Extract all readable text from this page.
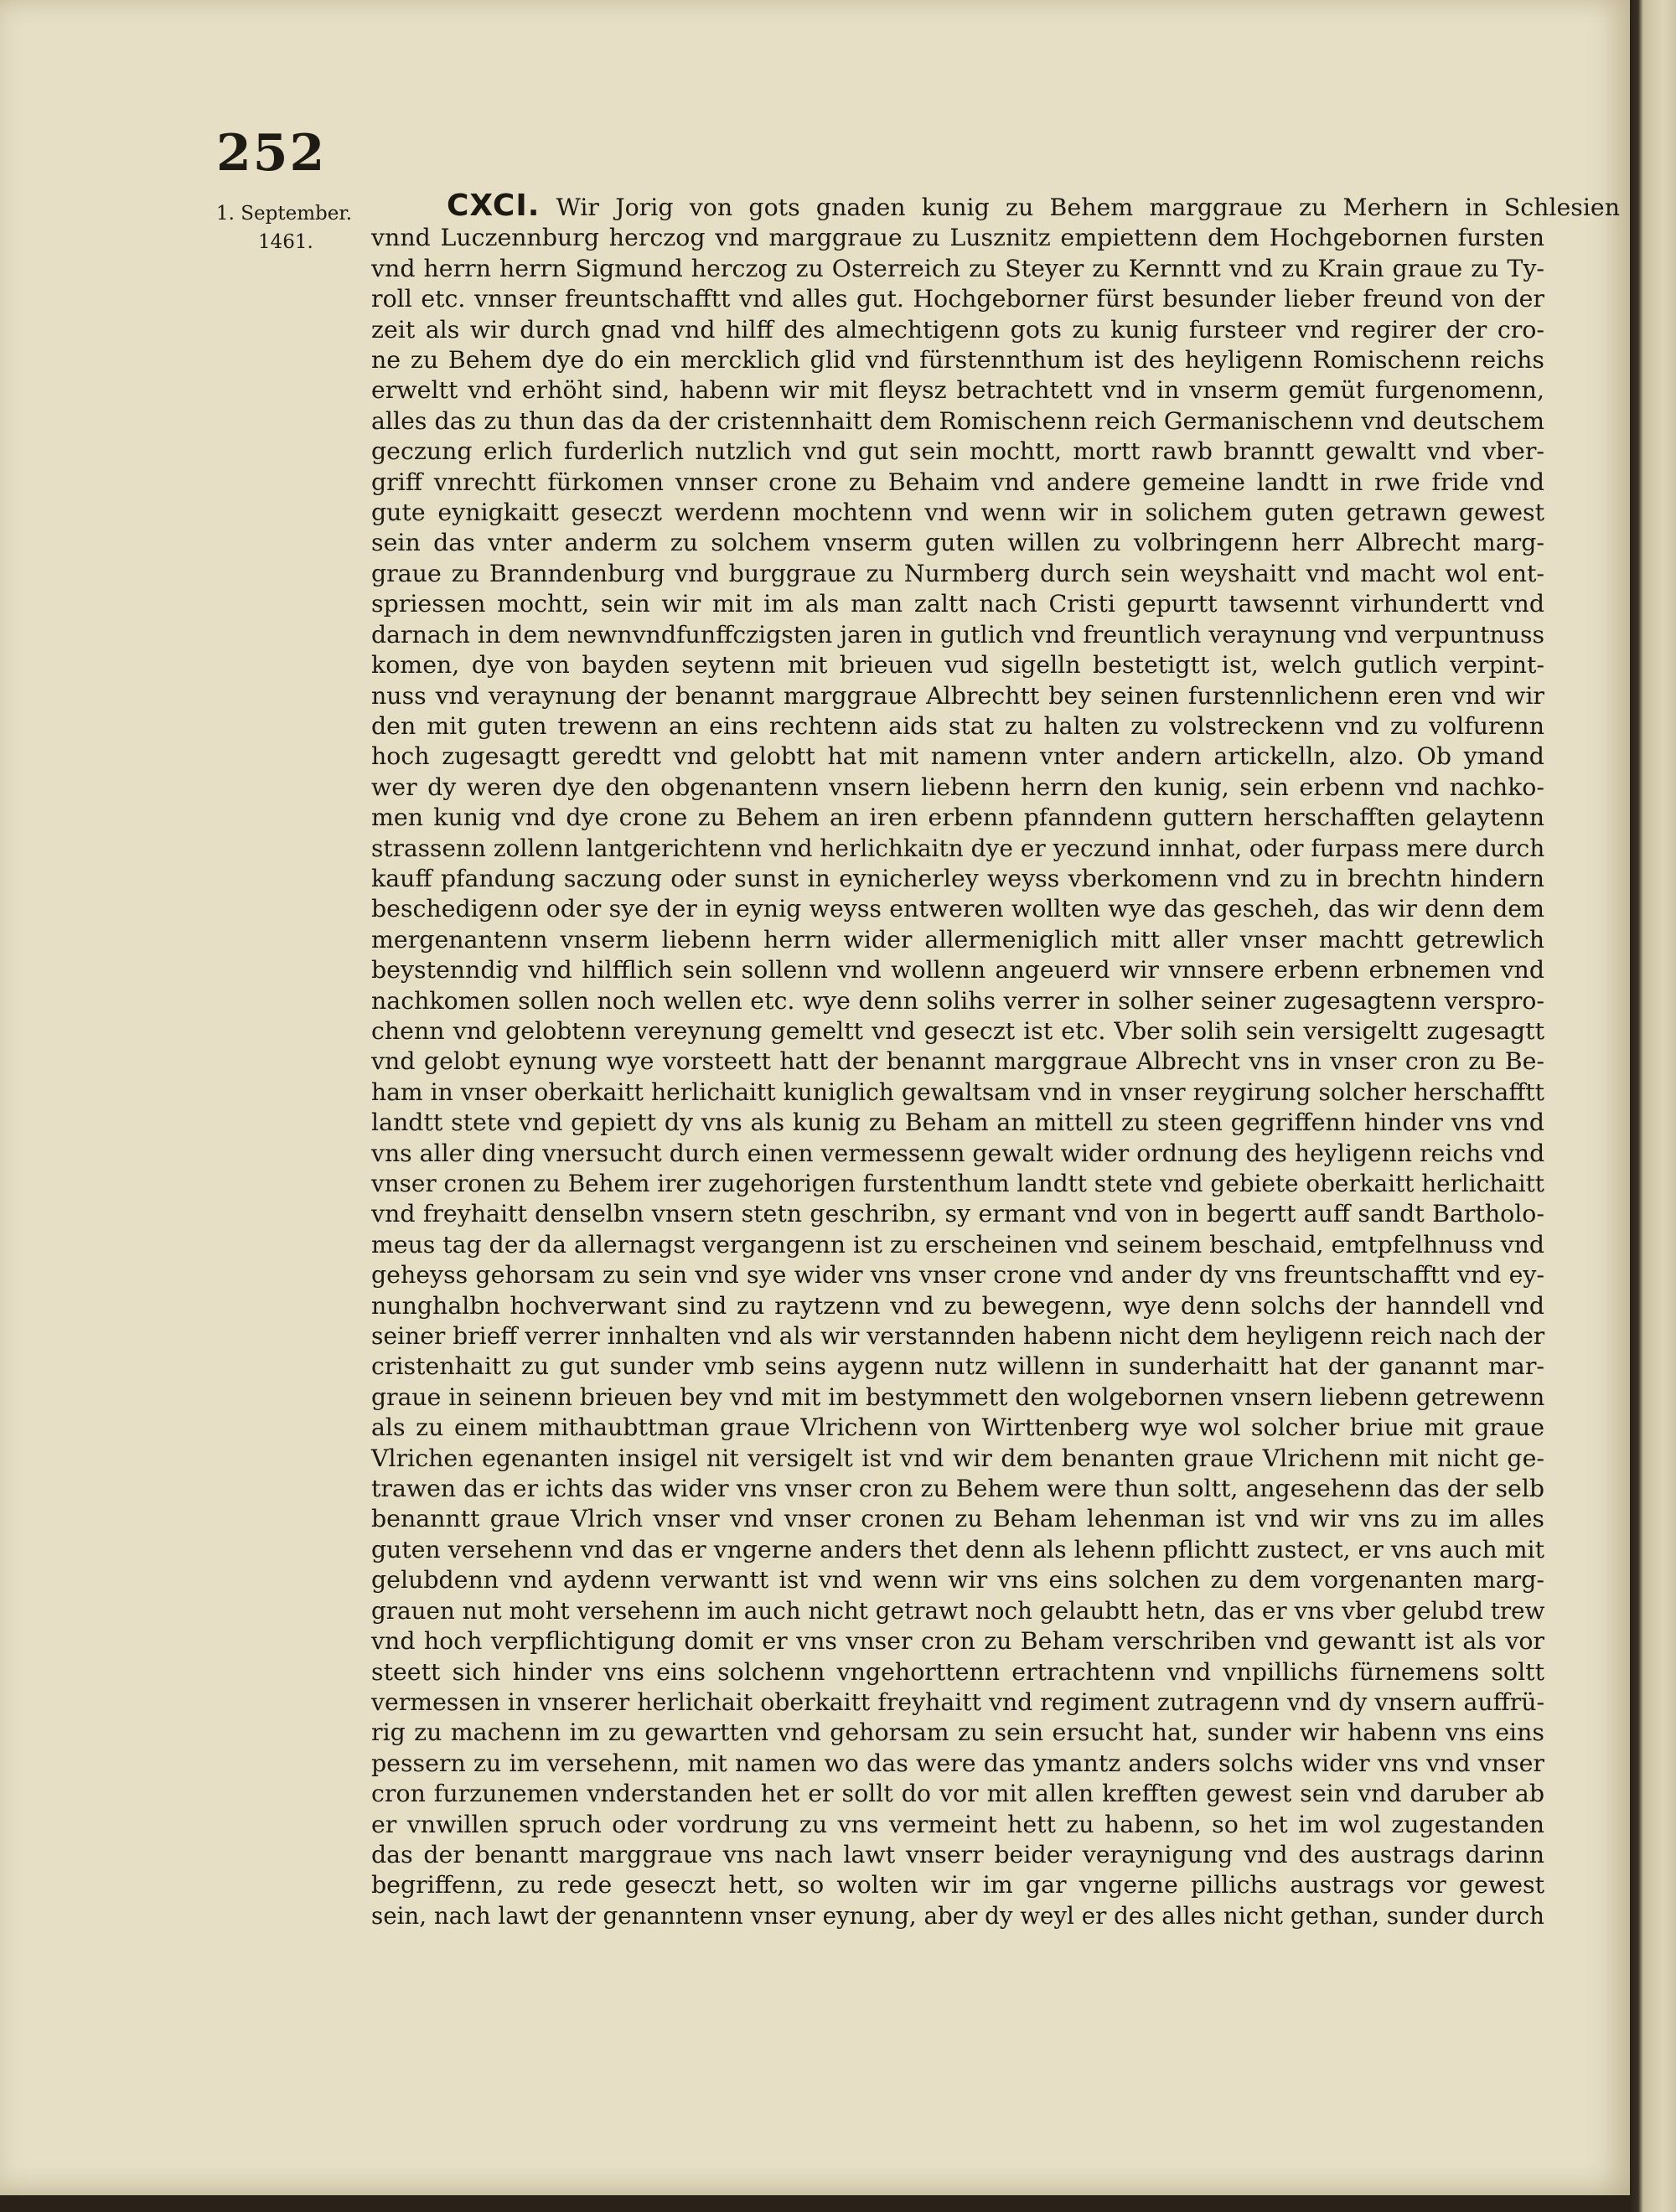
252
1. September.
1461.
CXCI. Wir Jorig von gots gnaden kunig zu Behem marggraue zu Merhern in Schlesien
vnnd Luczennburg herczog vnd marggraue zu Lusznitz empiettenn dem Hochgebornen fursten
vnd herrn herrn Sigmund herczog zu Osterreich zu Steyer zu Kernntt vnd zu Krain graue zu Ty-
roll etc. vnnser freuntschafftt vnd alles gut. Hochgeborner fürst besunder lieber freund von der
zeit als wir durch gnad vnd hilff des almechtigenn gots zu kunig fursteer vnd regirer der cro-
ne zu Behem dye do ein mercklich glid vnd fürstennthum ist des heyligenn Romischenn reichs
erweltt vnd erhöht sind, habenn wir mit fleysz betrachtett vnd in vnserm gemüt furgenomenn,
alles das zu thun das da der cristennhaitt dem Romischenn reich Germanischenn vnd deutschem
geczung erlich furderlich nutzlich vnd gut sein mochtt, mortt rawb branntt gewaltt vnd vber-
griff vnrechtt fürkomen vnnser crone zu Behaim vnd andere gemeine landtt in rwe fride vnd
gute eynigkaitt geseczt werdenn mochtenn vnd wenn wir in solichem guten getrawn gewest
sein das vnter anderm zu solchem vnserm guten willen zu volbringenn herr Albrecht marg-
graue zu Branndenburg vnd burggraue zu Nurmberg durch sein weyshaitt vnd macht wol ent-
spriessen mochtt, sein wir mit im als man zaltt nach Cristi gepurtt tawsennt virhundertt vnd
darnach in dem newnvndfunffczigsten jaren in gutlich vnd freuntlich veraynung vnd verpuntnuss
komen, dye von bayden seytenn mit brieuen vud sigelln bestetigtt ist, welch gutlich verpint-
nuss vnd veraynung der benannt marggraue Albrechtt bey seinen furstennlichenn eren vnd wir
den mit guten trewenn an eins rechtenn aids stat zu halten zu volstreckenn vnd zu volfurenn
hoch zugesagtt geredtt vnd gelobtt hat mit namenn vnter andern artickelln, alzo. Ob ymand
wer dy weren dye den obgenantenn vnsern liebenn herrn den kunig, sein erbenn vnd nachko-
men kunig vnd dye crone zu Behem an iren erbenn pfanndenn guttern herschafften gelaytenn
strassenn zollenn lantgerichtenn vnd herlichkaitn dye er yeczund innhat, oder furpass mere durch
kauff pfandung saczung oder sunst in eynicherley weyss vberkomenn vnd zu in brechtn hindern
beschedigenn oder sye der in eynig weyss entweren wollten wye das gescheh, das wir denn dem
mergenantenn vnserm liebenn herrn wider allermeniglich mitt aller vnser machtt getrewlich
beystenndig vnd hilfflich sein sollenn vnd wollenn angeuerd wir vnnsere erbenn erbnemen vnd
nachkomen sollen noch wellen etc. wye denn solihs verrer in solher seiner zugesagtenn verspro-
chenn vnd gelobtenn vereynung gemeltt vnd geseczt ist etc. Vber solih sein versigeltt zugesagtt
vnd gelobt eynung wye vorsteett hatt der benannt marggraue Albrecht vns in vnser cron zu Be-
ham in vnser oberkaitt herlichaitt kuniglich gewaltsam vnd in vnser reygirung solcher herschafftt
landtt stete vnd gepiett dy vns als kunig zu Beham an mittell zu steen gegriffenn hinder vns vnd
vns aller ding vnersucht durch einen vermessenn gewalt wider ordnung des heyligenn reichs vnd
vnser cronen zu Behem irer zugehorigen furstenthum landtt stete vnd gebiete oberkaitt herlichaitt
vnd freyhaitt denselbn vnsern stetn geschribn, sy ermant vnd von in begertt auff sandt Bartholo-
meus tag der da allernagst vergangenn ist zu erscheinen vnd seinem beschaid, emtpfelhnuss vnd
geheyss gehorsam zu sein vnd sye wider vns vnser crone vnd ander dy vns freuntschafftt vnd ey-
nunghalbn hochverwant sind zu raytzenn vnd zu bewegenn, wye denn solchs der hanndell vnd
seiner brieff verrer innhalten vnd als wir verstannden habenn nicht dem heyligenn reich nach der
cristenhaitt zu gut sunder vmb seins aygenn nutz willenn in sunderhaitt hat der ganannt mar-
graue in seinenn brieuen bey vnd mit im bestymmett den wolgebornen vnsern liebenn getrewenn
als zu einem mithaubttman graue Vlrichenn von Wirttenberg wye wol solcher briue mit graue
Vlrichen egenanten insigel nit versigelt ist vnd wir dem benanten graue Vlrichenn mit nicht ge-
trawen das er ichts das wider vns vnser cron zu Behem were thun soltt, angesehenn das der selb
benanntt graue Vlrich vnser vnd vnser cronen zu Beham lehenman ist vnd wir vns zu im alles
guten versehenn vnd das er vngerne anders thet denn als lehenn pflichtt zustect, er vns auch mit
gelubdenn vnd aydenn verwantt ist vnd wenn wir vns eins solchen zu dem vorgenanten marg-
grauen nut moht versehenn im auch nicht getrawt noch gelaubtt hetn, das er vns vber gelubd trew
vnd hoch verpflichtigung domit er vns vnser cron zu Beham verschriben vnd gewantt ist als vor
steett sich hinder vns eins solchenn vngehorttenn ertrachtenn vnd vnpillichs fürnemens soltt
vermessen in vnserer herlichait oberkaitt freyhaitt vnd regiment zutragenn vnd dy vnsern auffrü-
rig zu machenn im zu gewartten vnd gehorsam zu sein ersucht hat, sunder wir habenn vns eins
pessern zu im versehenn, mit namen wo das were das ymantz anders solchs wider vns vnd vnser
cron furzunemen vnderstanden het er sollt do vor mit allen krefften gewest sein vnd daruber ab
er vnwillen spruch oder vordrung zu vns vermeint hett zu habenn, so het im wol zugestanden
das der benantt marggraue vns nach lawt vnserr beider veraynigung vnd des austrags darinn
begriffenn, zu rede geseczt hett, so wolten wir im gar vngerne pillichs austrags vor gewest
sein, nach lawt der genanntenn vnser eynung, aber dy weyl er des alles nicht gethan, sunder durch
